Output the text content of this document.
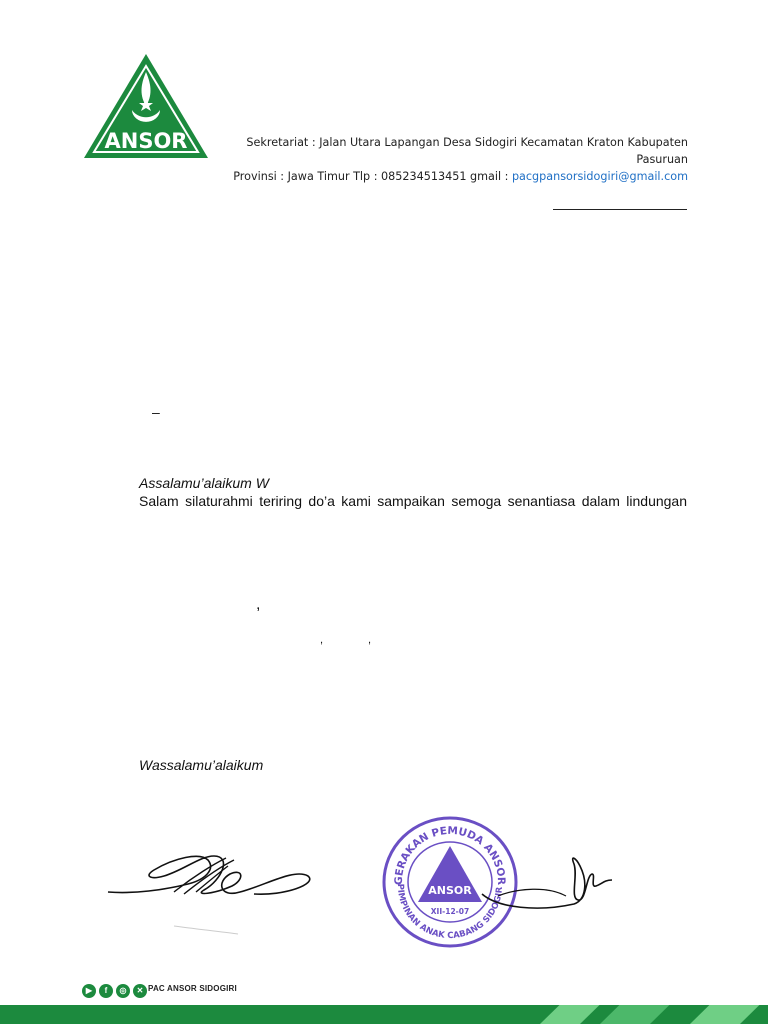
ANSOR	Sekretariat : Jalan Utara Lapangan Desa Sidogiri Kecamatan Kraton Kabupaten Pasuruan
Provinsi : Jawa Timur Tlp : 085234513451 gmail : pacgpansorsidogiri@gmail.com
–
Assalamu’alaikum W
Salam silaturahmi teriring do’a kami sampaikan semoga senantiasa dalam lindungan
,
,	,
Wassalamu’alaikum
GERAKAN PEMUDA ANSOR
PIMPINAN ANAK CABANG SIDOGIR
ANSOR
XII-12-07
▶	f	◎	✕ PAC ANSOR SIDOGIRI
